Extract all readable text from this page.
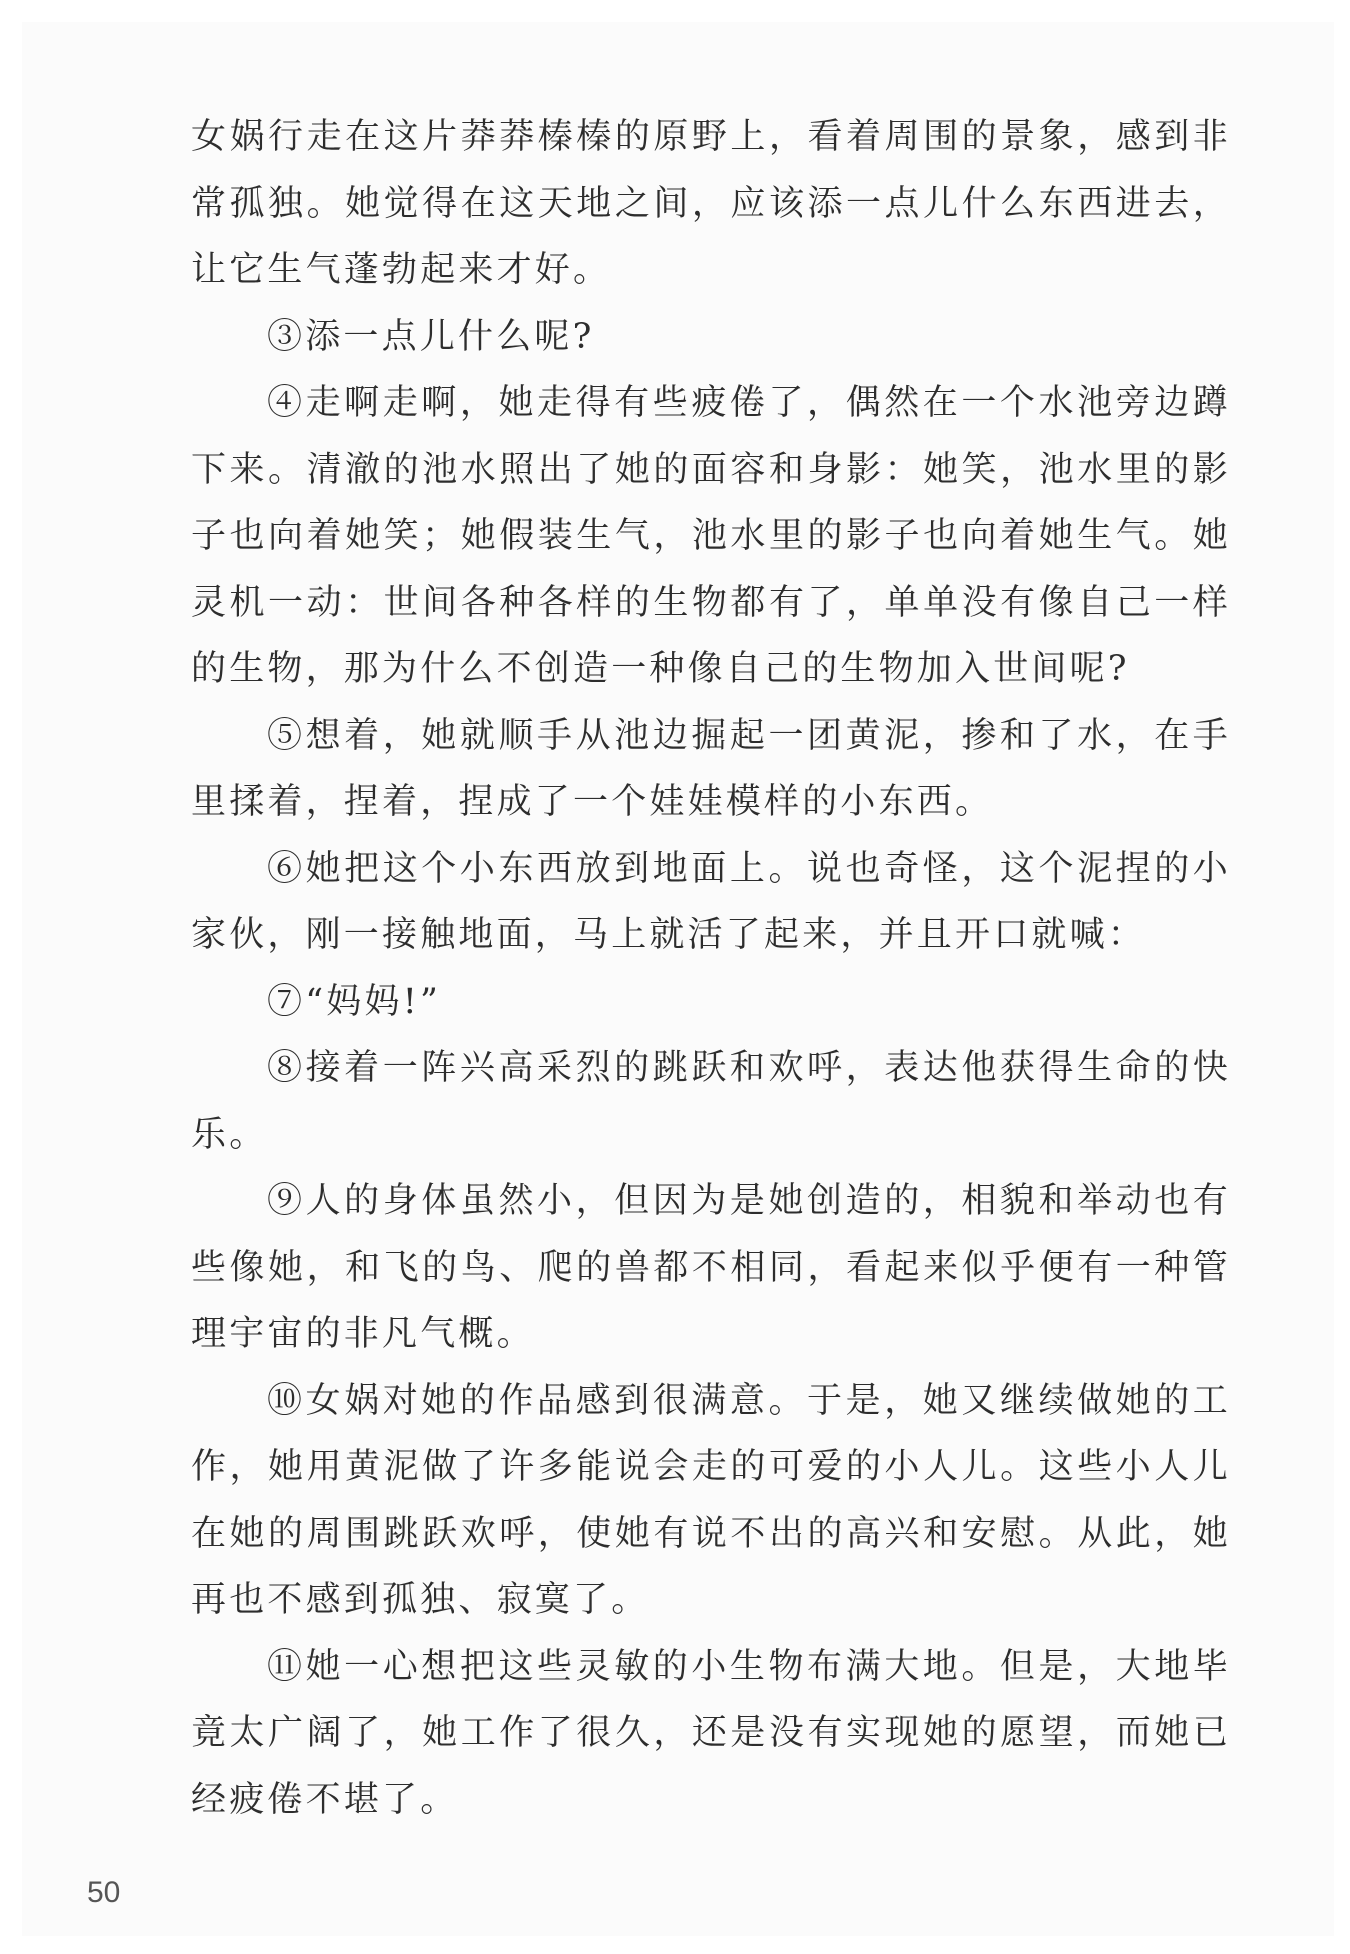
女娲行走在这片莽莽榛榛的原野上，看着周围的景象，感到非常孤独。她觉得在这天地之间，应该添一点儿什么东西进去，让它生气蓬勃起来才好。

③添一点儿什么呢?

④走啊走啊，她走得有些疲倦了，偶然在一个水池旁边蹲下来。清澈的池水照出了她的面容和身影：她笑，池水里的影子也向着她笑；她假装生气，池水里的影子也向着她生气。她灵机一动：世间各种各样的生物都有了，单单没有像自己一样的生物，那为什么不创造一种像自己的生物加入世间呢?

⑤想着，她就顺手从池边掘起一团黄泥，掺和了水，在手里揉着，捏着，捏成了一个娃娃模样的小东西。

⑥她把这个小东西放到地面上。说也奇怪，这个泥捏的小家伙，刚一接触地面，马上就活了起来，并且开口就喊：

⑦“妈妈!”

⑧接着一阵兴高采烈的跳跃和欢呼，表达他获得生命的快乐。

⑨人的身体虽然小，但因为是她创造的，相貌和举动也有些像她，和飞的鸟、爬的兽都不相同，看起来似乎便有一种管理宇宙的非凡气概。

⑩女娲对她的作品感到很满意。于是，她又继续做她的工作，她用黄泥做了许多能说会走的可爱的小人儿。这些小人儿在她的周围跳跃欢呼，使她有说不出的高兴和安慰。从此，她再也不感到孤独、寂寞了。

⑪她一心想把这些灵敏的小生物布满大地。但是，大地毕竟太广阔了，她工作了很久，还是没有实现她的愿望，而她已经疲倦不堪了。

50
